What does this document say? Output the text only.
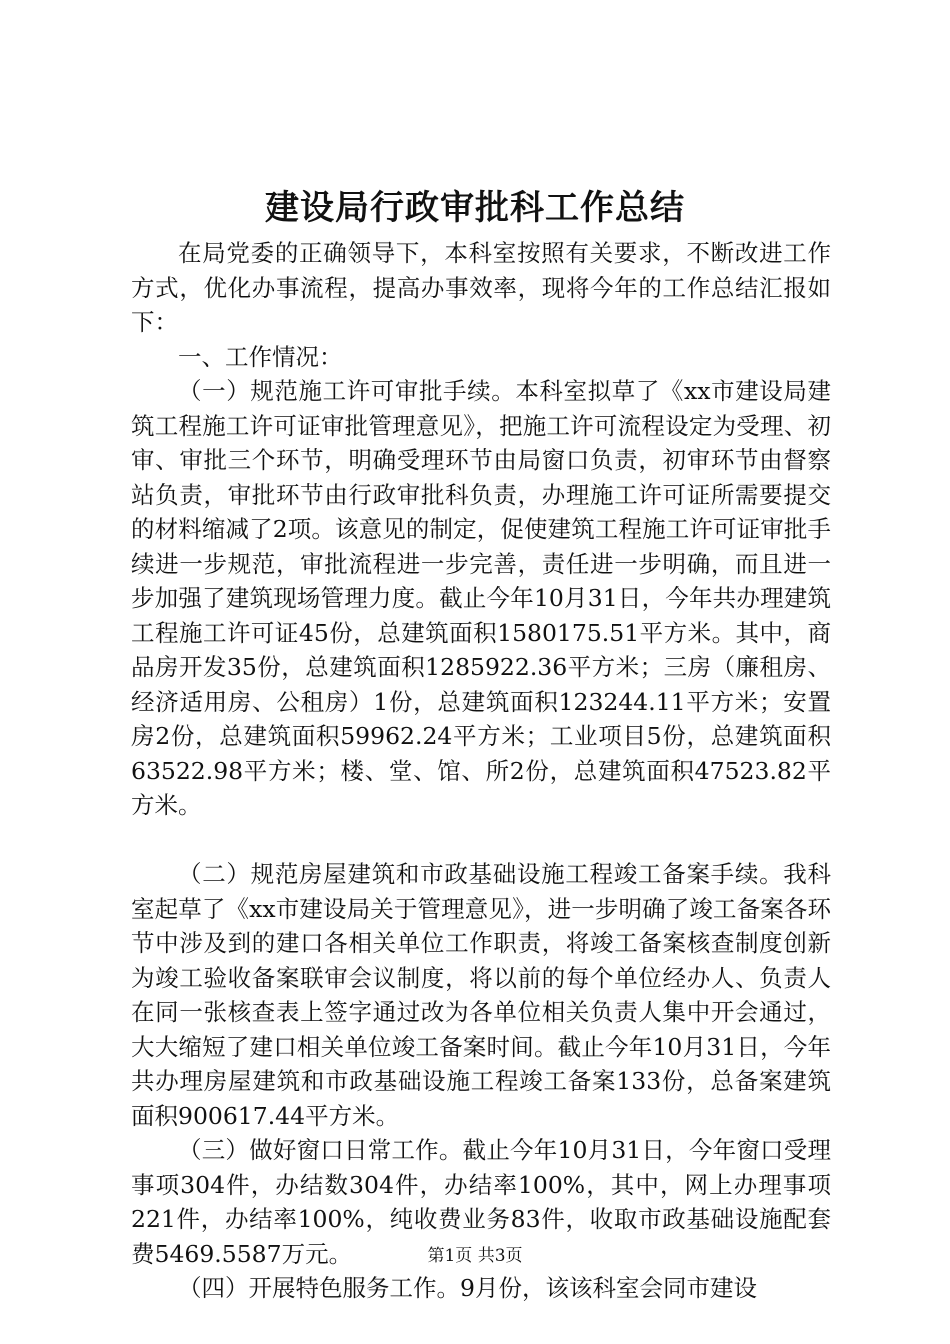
建设局行政审批科工作总结

在局党委的正确领导下，本科室按照有关要求，不断改进工作方式，优化办事流程，提高办事效率，现将今年的工作总结汇报如下：

一、工作情况：

（一）规范施工许可审批手续。本科室拟草了《xx市建设局建筑工程施工许可证审批管理意见》，把施工许可流程设定为受理、初审、审批三个环节，明确受理环节由局窗口负责，初审环节由督察站负责，审批环节由行政审批科负责，办理施工许可证所需要提交的材料缩减了2项。该意见的制定，促使建筑工程施工许可证审批手续进一步规范，审批流程进一步完善，责任进一步明确，而且进一步加强了建筑现场管理力度。截止今年10月31日，今年共办理建筑工程施工许可证45份，总建筑面积1580175.51平方米。其中，商品房开发35份，总建筑面积1285922.36平方米；三房（廉租房、经济适用房、公租房）1份，总建筑面积123244.11平方米；安置房2份，总建筑面积59962.24平方米；工业项目5份，总建筑面积63522.98平方米；楼、堂、馆、所2份，总建筑面积47523.82平方米。

（二）规范房屋建筑和市政基础设施工程竣工备案手续。我科室起草了《xx市建设局关于管理意见》，进一步明确了竣工备案各环节中涉及到的建口各相关单位工作职责，将竣工备案核查制度创新为竣工验收备案联审会议制度，将以前的每个单位经办人、负责人在同一张核查表上签字通过改为各单位相关负责人集中开会通过，大大缩短了建口相关单位竣工备案时间。截止今年10月31日，今年共办理房屋建筑和市政基础设施工程竣工备案133份，总备案建筑面积900617.44平方米。

（三）做好窗口日常工作。截止今年10月31日，今年窗口受理事项304件，办结数304件，办结率100%，其中，网上办理事项221件，办结率100%，纯收费业务83件，收取市政基础设施配套费5469.5587万元。

（四）开展特色服务工作。9月份，该该科室会同市建设

第1页 共3页
